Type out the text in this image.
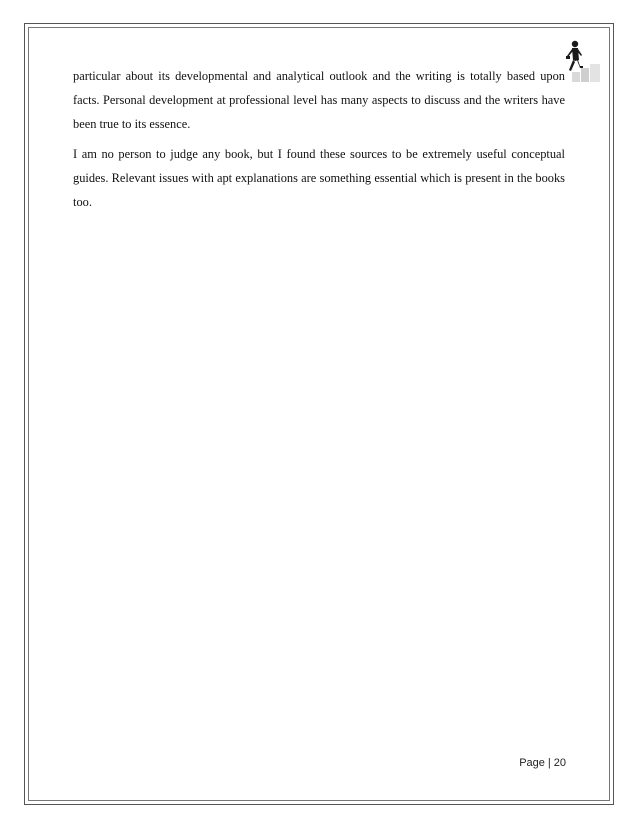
particular about its developmental and analytical outlook and the writing is totally based upon facts. Personal development at professional level has many aspects to discuss and the writers have been true to its essence.

I am no person to judge any book, but I found these sources to be extremely useful conceptual guides. Relevant issues with apt explanations are something essential which is present in the books too.

Page | 20
